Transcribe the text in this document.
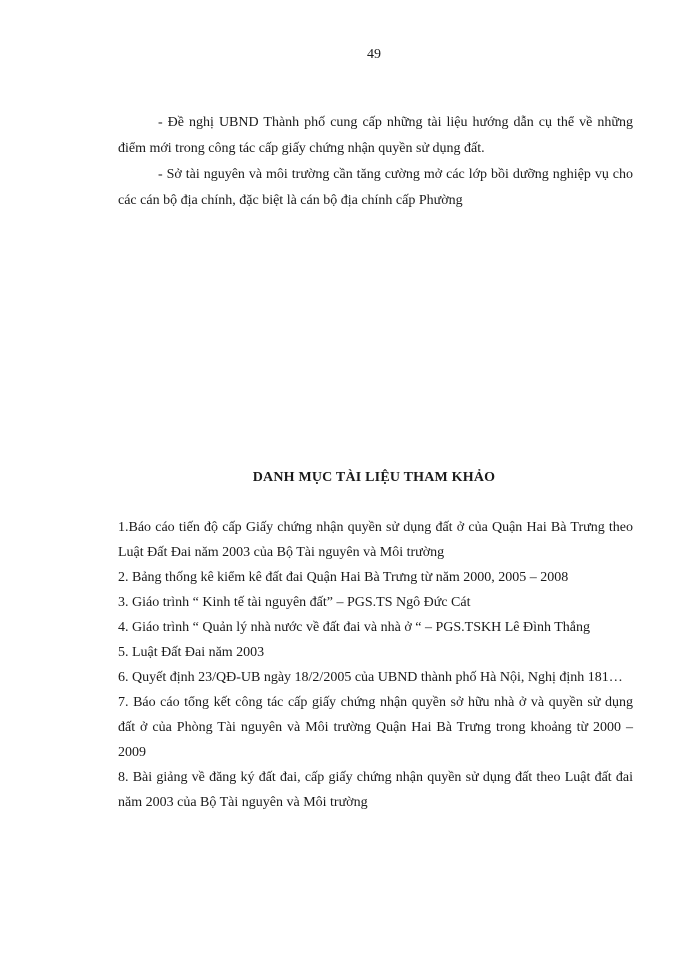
49

- Đề nghị UBND Thành phố cung cấp những tài liệu hướng dẫn cụ thể về những điểm mới trong công tác cấp giấy chứng nhận quyền sử dụng đất.

- Sở tài nguyên và môi trường cần tăng cường mở các lớp bồi dưỡng nghiệp vụ cho các cán bộ địa chính, đặc biệt là cán bộ địa chính cấp Phường

DANH MỤC TÀI LIỆU THAM KHẢO
1.Báo cáo tiến độ cấp Giấy chứng nhận quyền sử dụng đất ở của Quận Hai Bà Trưng theo Luật Đất Đai năm 2003 của Bộ Tài nguyên và Môi trường
2. Bảng thống kê kiểm kê đất đai Quận Hai Bà Trưng từ năm 2000, 2005 – 2008
3. Giáo trình “ Kinh tế tài nguyên đất” – PGS.TS Ngô Đức Cát
4. Giáo trình “ Quản lý nhà nước về đất đai và nhà ở “ – PGS.TSKH Lê Đình Thắng
5. Luật Đất Đai năm 2003
6. Quyết định 23/QĐ-UB ngày 18/2/2005 của UBND thành phố Hà Nội, Nghị định 181…
7. Báo cáo tổng kết công tác cấp giấy chứng nhận quyền sở hữu nhà ở và quyền sử dụng đất ở của Phòng Tài nguyên và Môi trường Quận Hai Bà Trưng trong khoảng từ 2000 – 2009
8. Bài giảng về đăng ký đất đai, cấp giấy chứng nhận quyền sử dụng đất theo Luật đất đai năm 2003 của Bộ Tài nguyên và Môi trường
